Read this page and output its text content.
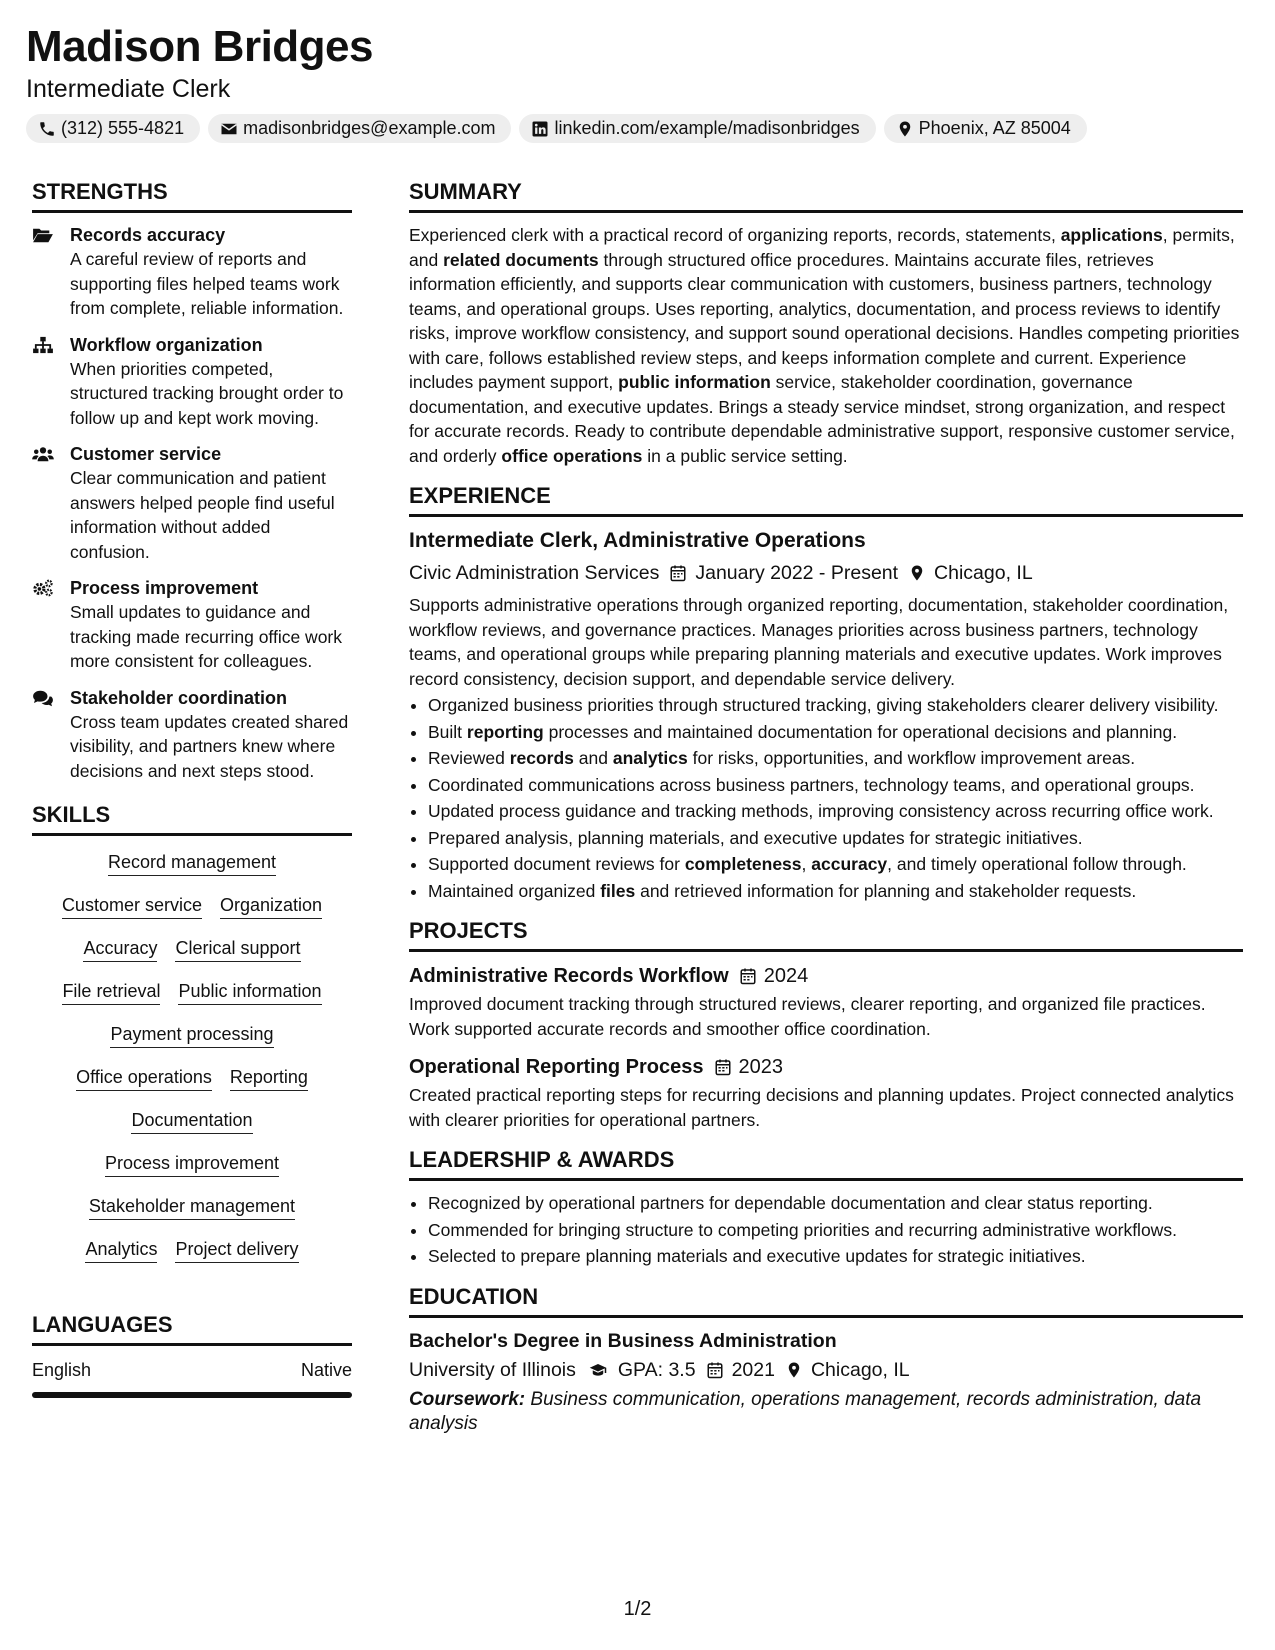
Madison Bridges
Intermediate Clerk
(312) 555-4821	madisonbridges@example.com	linkedin.com/example/madisonbridges	Phoenix, AZ 85004
STRENGTHS
Records accuracy
A careful review of reports and supporting files helped teams work from complete, reliable information.
Workflow organization
When priorities competed, structured tracking brought order to follow up and kept work moving.
Customer service
Clear communication and patient answers helped people find useful information without added confusion.
Process improvement
Small updates to guidance and tracking made recurring office work more consistent for colleagues.
Stakeholder coordination
Cross team updates created shared visibility, and partners knew where decisions and next steps stood.
SKILLS
Record management
Customer service Organization
Accuracy Clerical support
File retrieval Public information
Payment processing
Office operations Reporting
Documentation
Process improvement
Stakeholder management
Analytics Project delivery
LANGUAGES
English	Native
SUMMARY

Experienced clerk with a practical record of organizing reports, records, statements, applications, permits, and related documents through structured office procedures. Maintains accurate files, retrieves information efficiently, and supports clear communication with customers, business partners, technology teams, and operational groups. Uses reporting, analytics, documentation, and process reviews to identify risks, improve workflow consistency, and support sound operational decisions. Handles competing priorities with care, follows established review steps, and keeps information complete and current. Experience includes payment support, public information service, stakeholder coordination, governance documentation, and executive updates. Brings a steady service mindset, strong organization, and respect for accurate records. Ready to contribute dependable administrative support, responsive customer service, and orderly office operations in a public service setting.

EXPERIENCE
Intermediate Clerk, Administrative Operations
Civic Administration Services January 2022 - Present Chicago, IL

Supports administrative operations through organized reporting, documentation, stakeholder coordination, workflow reviews, and governance practices. Manages priorities across business partners, technology teams, and operational groups while preparing planning materials and executive updates. Work improves record consistency, decision support, and dependable service delivery.

• Organized business priorities through structured tracking, giving stakeholders clearer delivery visibility.
• Built reporting processes and maintained documentation for operational decisions and planning.
• Reviewed records and analytics for risks, opportunities, and workflow improvement areas.
• Coordinated communications across business partners, technology teams, and operational groups.
• Updated process guidance and tracking methods, improving consistency across recurring office work.
• Prepared analysis, planning materials, and executive updates for strategic initiatives.
• Supported document reviews for completeness, accuracy, and timely operational follow through.
• Maintained organized files and retrieved information for planning and stakeholder requests.
PROJECTS
Administrative Records Workflow 2024

Improved document tracking through structured reviews, clearer reporting, and organized file practices. Work supported accurate records and smoother office coordination.

Operational Reporting Process 2023

Created practical reporting steps for recurring decisions and planning updates. Project connected analytics with clearer priorities for operational partners.

LEADERSHIP & AWARDS
• Recognized by operational partners for dependable documentation and clear status reporting.
• Commended for bringing structure to competing priorities and recurring administrative workflows.
• Selected to prepare planning materials and executive updates for strategic initiatives.
EDUCATION
Bachelor's Degree in Business Administration
University of Illinois GPA: 3.5 2021 Chicago, IL
Coursework: Business communication, operations management, records administration, data analysis
1/2
